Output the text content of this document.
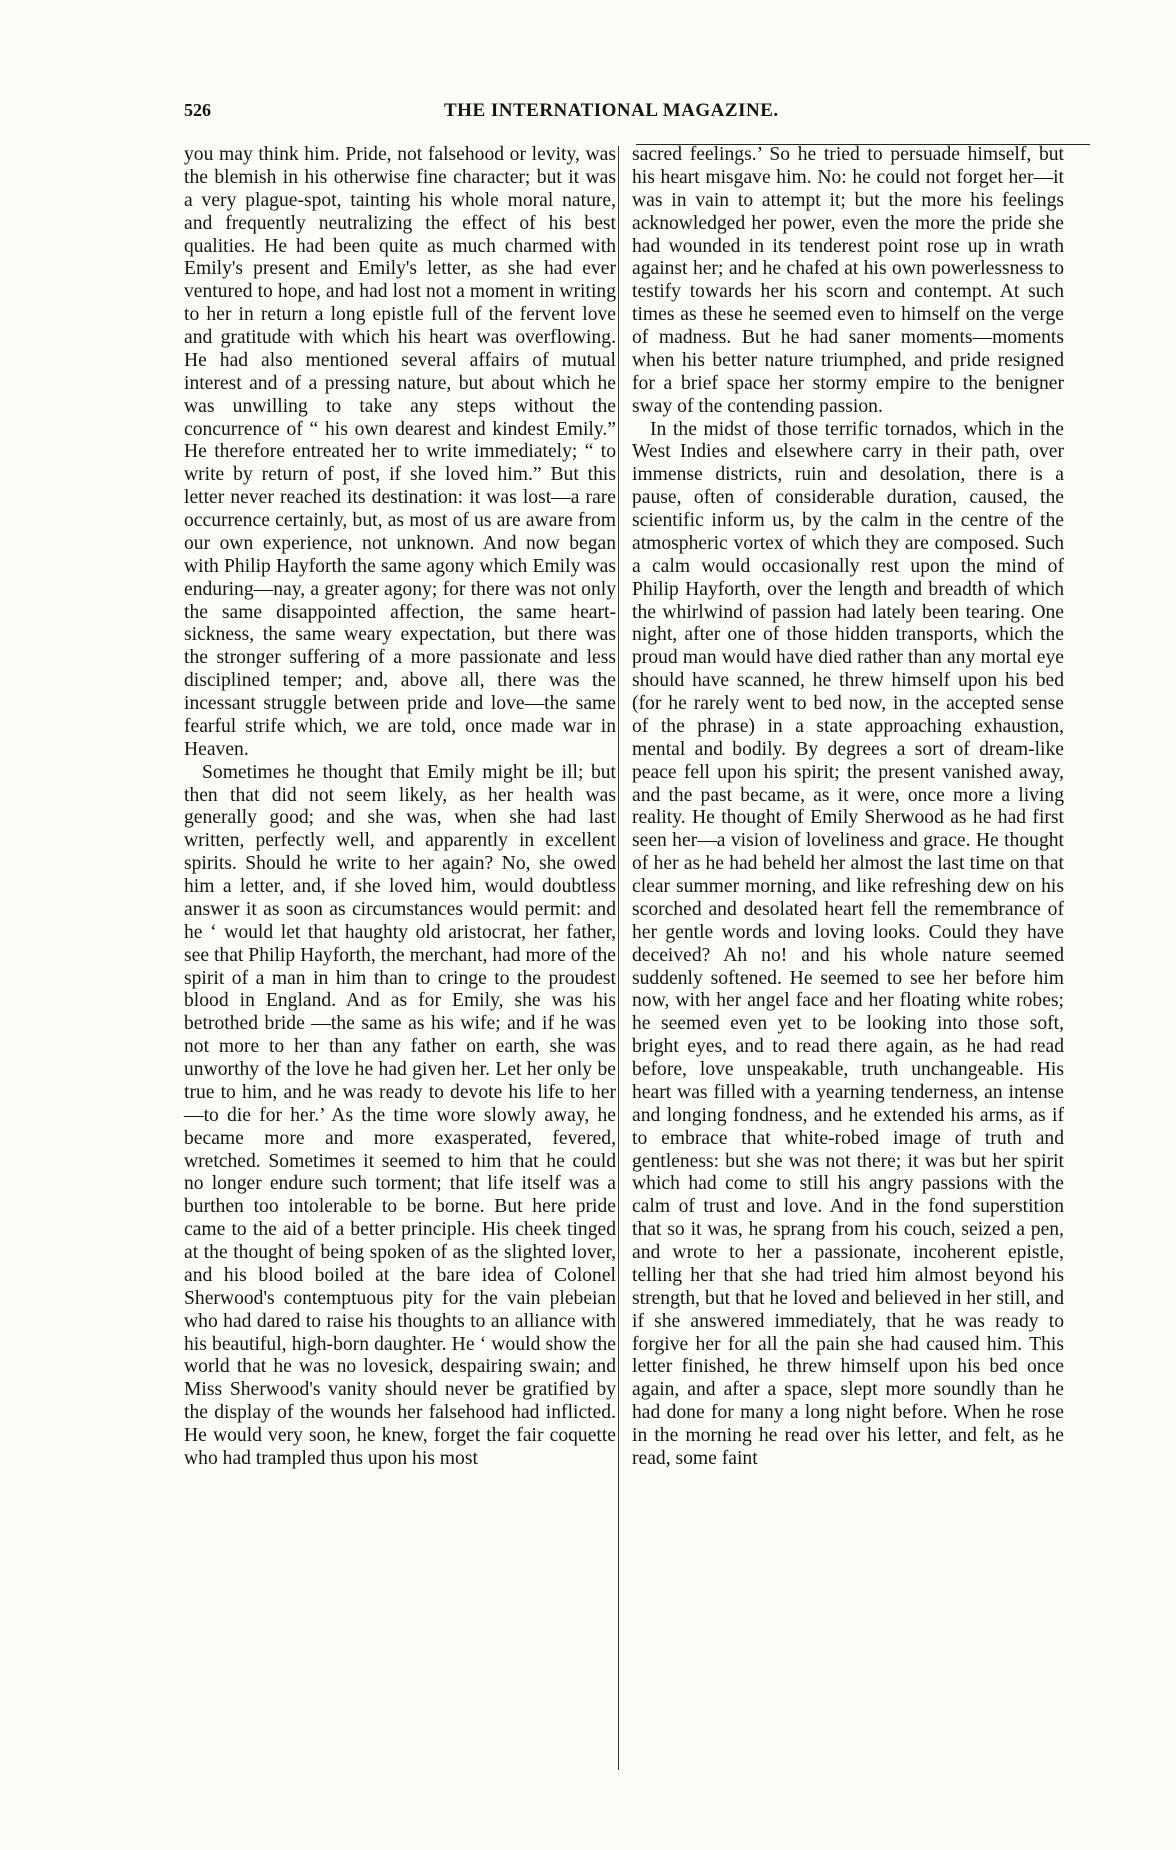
526	THE INTERNATIONAL MAGAZINE.

you may think him. Pride, not falsehood or levity, was the blemish in his otherwise fine character; but it was a very plague-spot, tainting his whole moral nature, and frequently neutralizing the effect of his best qualities. He had been quite as much charmed with Emily's present and Emily's letter, as she had ever ventured to hope, and had lost not a moment in writing to her in return a long epistle full of the fervent love and gratitude with which his heart was overflowing. He had also mentioned several affairs of mutual interest and of a pressing nature, but about which he was unwilling to take any steps without the concurrence of “ his own dearest and kindest Emily.” He therefore entreated her to write immediately; “ to write by return of post, if she loved him.” But this letter never reached its destination: it was lost—a rare occurrence certainly, but, as most of us are aware from our own experience, not unknown. And now began with Philip Hayforth the same agony which Emily was enduring—nay, a greater agony; for there was not only the same disappointed affection, the same heart-sickness, the same weary expectation, but there was the stronger suffering of a more passionate and less disciplined temper; and, above all, there was the incessant struggle between pride and love—the same fearful strife which, we are told, once made war in Heaven.

Sometimes he thought that Emily might be ill; but then that did not seem likely, as her health was generally good; and she was, when she had last written, perfectly well, and apparently in excellent spirits. Should he write to her again? No, she owed him a letter, and, if she loved him, would doubtless answer it as soon as circumstances would permit: and he ‘ would let that haughty old aristocrat, her father, see that Philip Hayforth, the merchant, had more of the spirit of a man in him than to cringe to the proudest blood in England. And as for Emily, she was his betrothed bride —the same as his wife; and if he was not more to her than any father on earth, she was unworthy of the love he had given her. Let her only be true to him, and he was ready to devote his life to her—to die for her.’ As the time wore slowly away, he became more and more exasperated, fevered, wretched. Sometimes it seemed to him that he could no longer endure such torment; that life itself was a burthen too intolerable to be borne. But here pride came to the aid of a better principle. His cheek tinged at the thought of being spoken of as the slighted lover, and his blood boiled at the bare idea of Colonel Sherwood's contemptuous pity for the vain plebeian who had dared to raise his thoughts to an alliance with his beautiful, high-born daughter. He ‘ would show the world that he was no lovesick, despairing swain; and Miss Sherwood's vanity should never be gratified by the display of the wounds her falsehood had inflicted. He would very soon, he knew, forget the fair coquette who had trampled thus upon his most

sacred feelings.’ So he tried to persuade himself, but his heart misgave him. No: he could not forget her—it was in vain to attempt it; but the more his feelings acknowledged her power, even the more the pride she had wounded in its tenderest point rose up in wrath against her; and he chafed at his own powerlessness to testify towards her his scorn and contempt. At such times as these he seemed even to himself on the verge of madness. But he had saner moments—moments when his better nature triumphed, and pride resigned for a brief space her stormy empire to the benigner sway of the contending passion.

In the midst of those terrific tornados, which in the West Indies and elsewhere carry in their path, over immense districts, ruin and desolation, there is a pause, often of considerable duration, caused, the scientific inform us, by the calm in the centre of the atmospheric vortex of which they are composed. Such a calm would occasionally rest upon the mind of Philip Hayforth, over the length and breadth of which the whirlwind of passion had lately been tearing. One night, after one of those hidden transports, which the proud man would have died rather than any mortal eye should have scanned, he threw himself upon his bed (for he rarely went to bed now, in the accepted sense of the phrase) in a state approaching exhaustion, mental and bodily. By degrees a sort of dream-like peace fell upon his spirit; the present vanished away, and the past became, as it were, once more a living reality. He thought of Emily Sherwood as he had first seen her—a vision of loveliness and grace. He thought of her as he had beheld her almost the last time on that clear summer morning, and like refreshing dew on his scorched and desolated heart fell the remembrance of her gentle words and loving looks. Could they have deceived? Ah no! and his whole nature seemed suddenly softened. He seemed to see her before him now, with her angel face and her floating white robes; he seemed even yet to be looking into those soft, bright eyes, and to read there again, as he had read before, love unspeakable, truth unchangeable. His heart was filled with a yearning tenderness, an intense and longing fondness, and he extended his arms, as if to embrace that white-robed image of truth and gentleness: but she was not there; it was but her spirit which had come to still his angry passions with the calm of trust and love. And in the fond superstition that so it was, he sprang from his couch, seized a pen, and wrote to her a passionate, incoherent epistle, telling her that she had tried him almost beyond his strength, but that he loved and believed in her still, and if she answered immediately, that he was ready to forgive her for all the pain she had caused him. This letter finished, he threw himself upon his bed once again, and after a space, slept more soundly than he had done for many a long night before. When he rose in the morning he read over his letter, and felt, as he read, some faint
